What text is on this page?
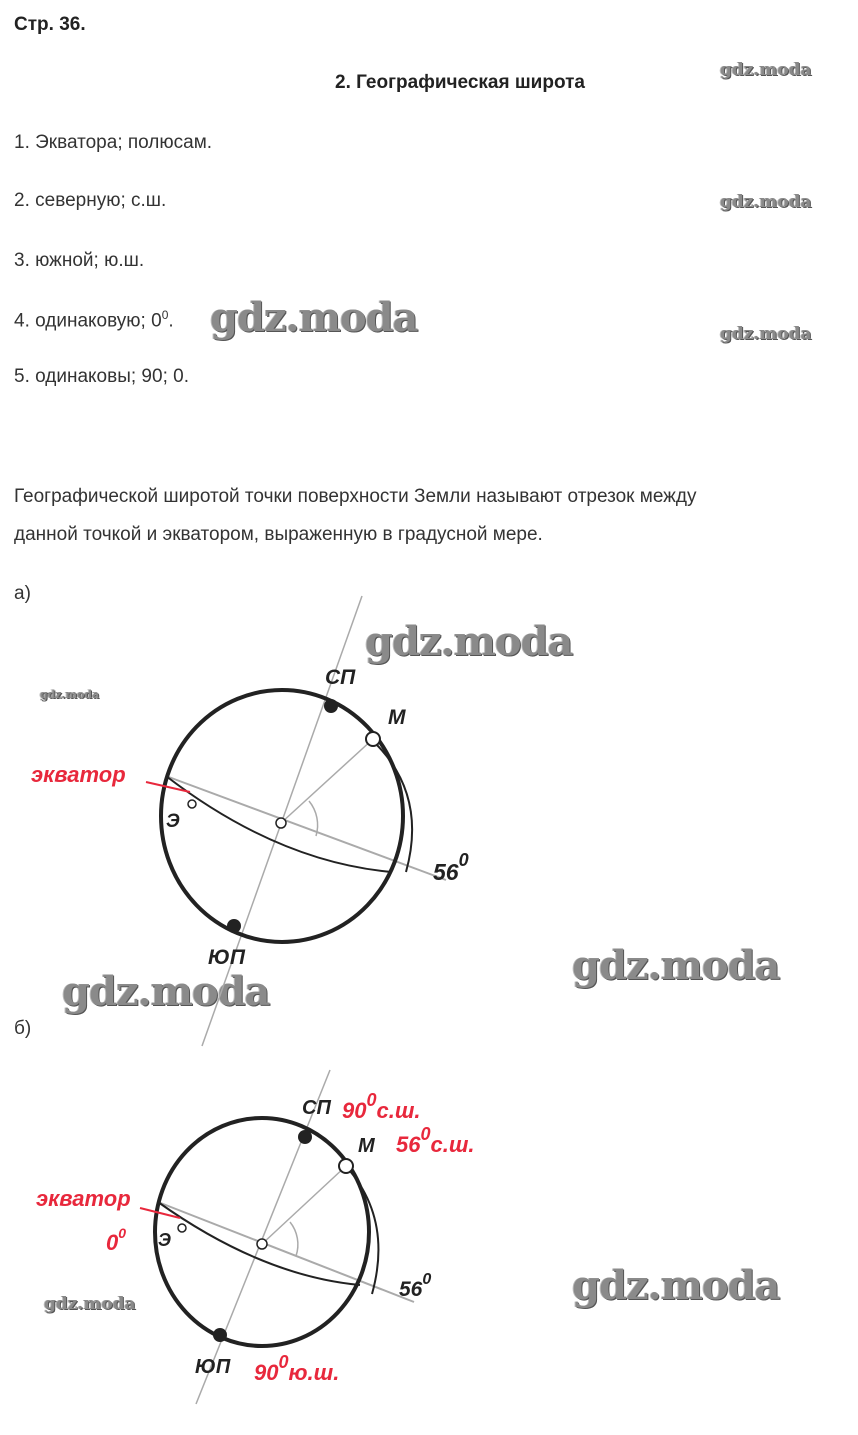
Стр. 36.
2. Географическая широта
gdz.moda
1. Экватора; полюсам.
2. северную; с.ш.	gdz.moda
3. южной; ю.ш.
4. одинаковую; $0^0$. gdz.moda	gdz.moda
5. одинаковы; 90; 0.
Географической широтой точки поверхности Земли называют отрезок между
данной точкой и экватором, выраженную в градусной мере.
а)
gdz.moda
gdz.moda
gdz.moda
gdz.moda
б)
gdz.moda
gdz.moda
СП
М
экватор
Э
$56^0$
ЮП
СП $90^0с.ш$.
М $56^0с.ш$.
экватор
$0^0$ Э
$56^0$
ЮП $90^0ю.ш$.
